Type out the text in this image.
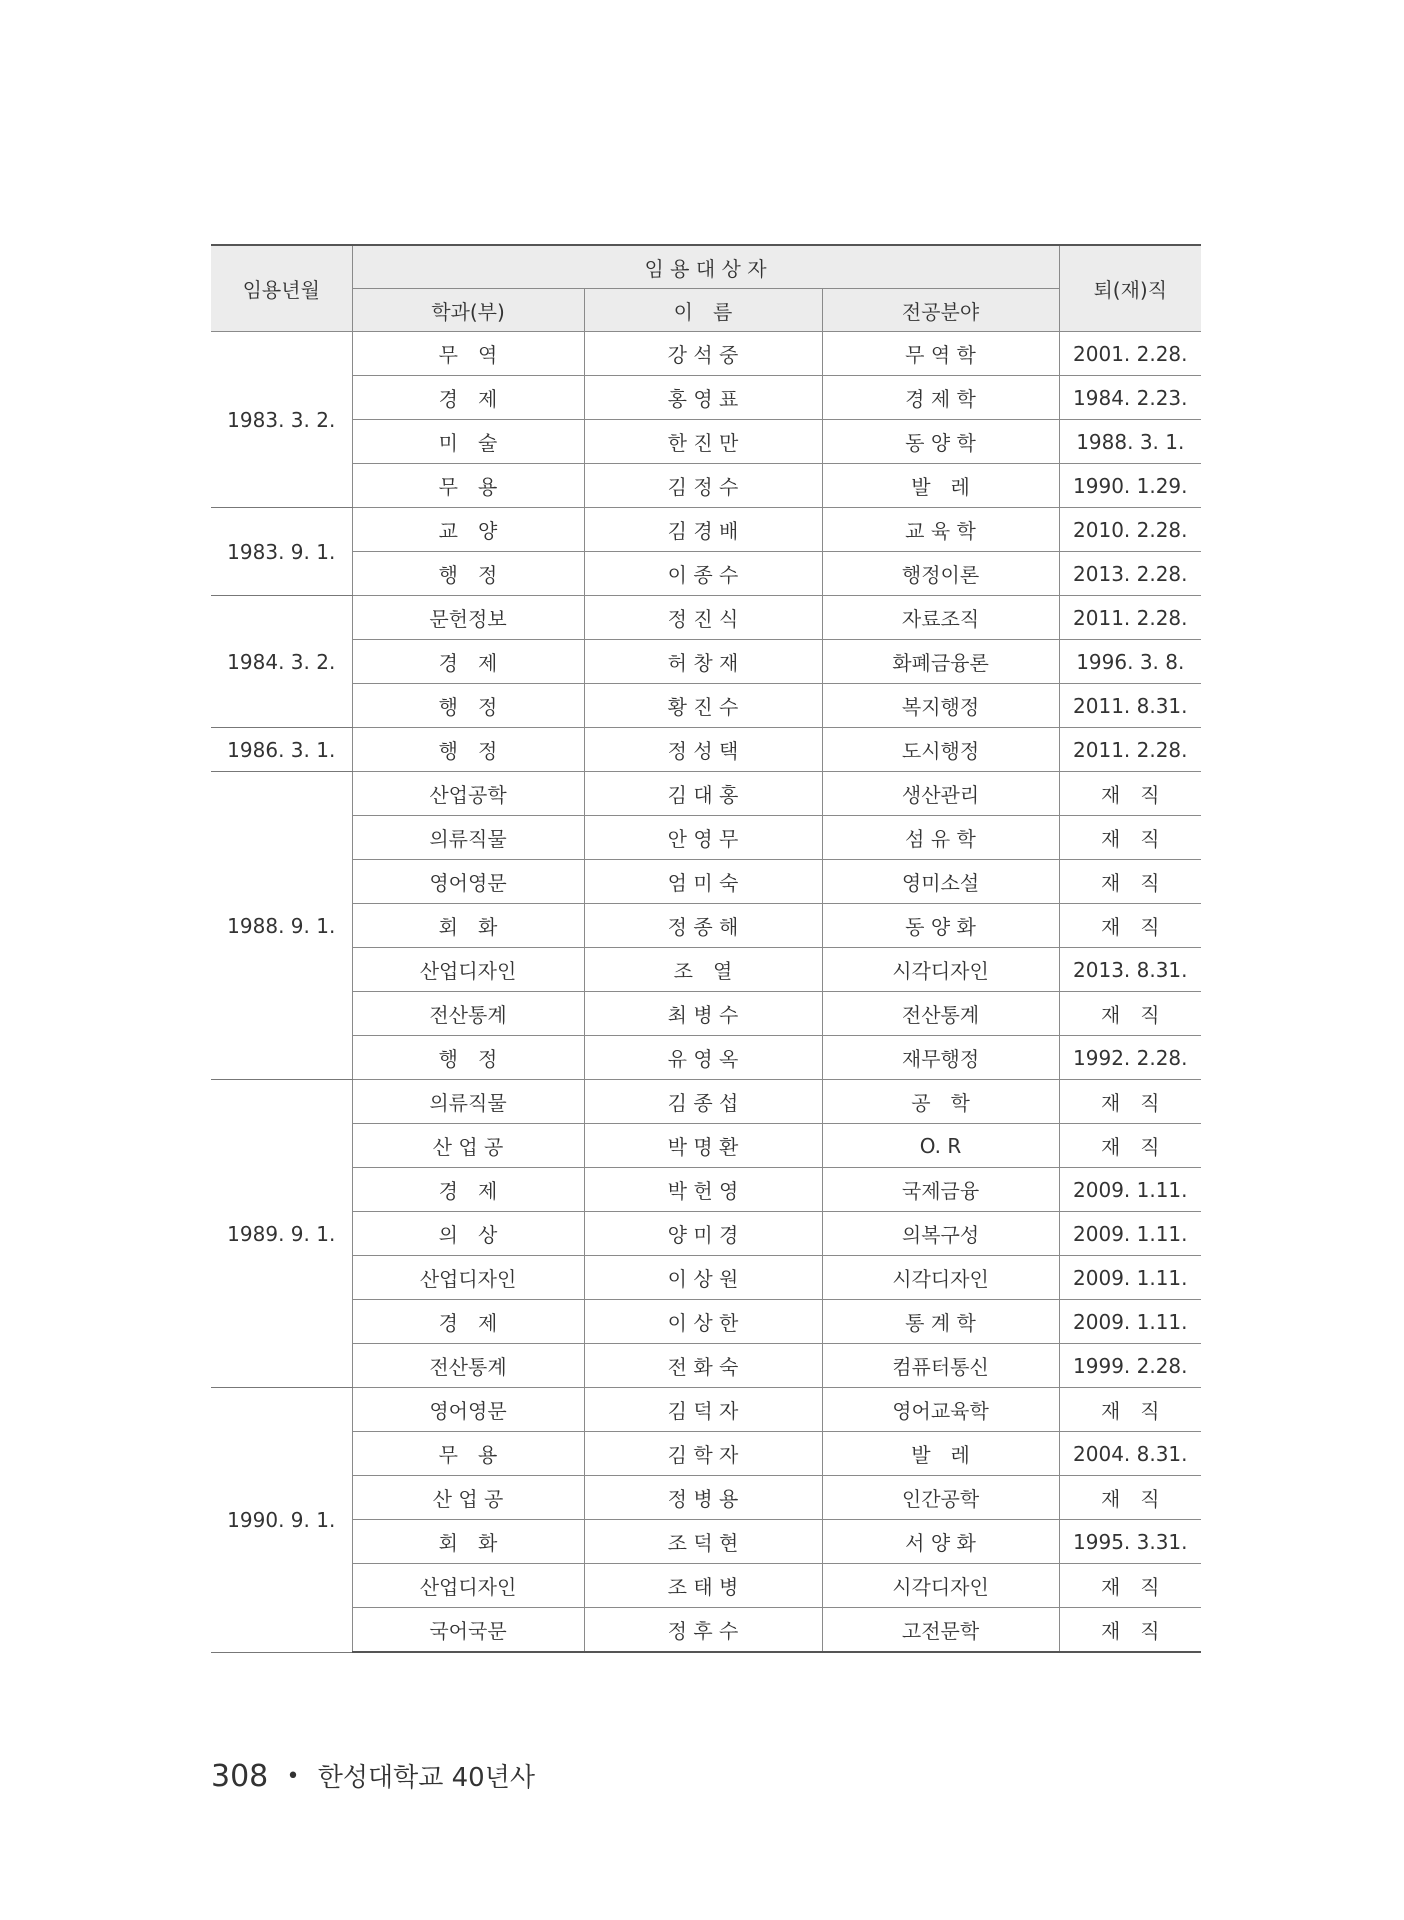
임용년월	임 용 대 상 자			퇴(재)직
	학과(부)	이　름	전공분야	
1983. 3. 2.	무　역	강 석 중	무 역 학	2001. 2.28.
	경　제	홍 영 표	경 제 학	1984. 2.23.
	미　술	한 진 만	동 양 학	1988. 3. 1.
	무　용	김 정 수	발　레	1990. 1.29.
1983. 9. 1.	교　양	김 경 배	교 육 학	2010. 2.28.
	행　정	이 종 수	행정이론	2013. 2.28.
1984. 3. 2.	문헌정보	정 진 식	자료조직	2011. 2.28.
	경　제	허 창 재	화폐금융론	1996. 3. 8.
	행　정	황 진 수	복지행정	2011. 8.31.
1986. 3. 1.	행　정	정 성 택	도시행정	2011. 2.28.
1988. 9. 1.	산업공학	김 대 홍	생산관리	재　직
	의류직물	안 영 무	섬 유 학	재　직
	영어영문	엄 미 숙	영미소설	재　직
	회　화	정 종 해	동 양 화	재　직
	산업디자인	조　열	시각디자인	2013. 8.31.
	전산통계	최 병 수	전산통계	재　직
	행　정	유 영 옥	재무행정	1992. 2.28.
1989. 9. 1.	의류직물	김 종 섭	공　학	재　직
	산 업 공	박 명 환	O. R	재　직
	경　제	박 헌 영	국제금융	2009. 1.11.
	의　상	양 미 경	의복구성	2009. 1.11.
	산업디자인	이 상 원	시각디자인	2009. 1.11.
	경　제	이 상 한	통 계 학	2009. 1.11.
	전산통계	전 화 숙	컴퓨터통신	1999. 2.28.
1990. 9. 1.	영어영문	김 덕 자	영어교육학	재　직
	무　용	김 학 자	발　레	2004. 8.31.
	산 업 공	정 병 용	인간공학	재　직
	회　화	조 덕 현	서 양 화	1995. 3.31.
	산업디자인	조 태 병	시각디자인	재　직
	국어국문	정 후 수	고전문학	재　직
308 • 한성대학교 40년사
